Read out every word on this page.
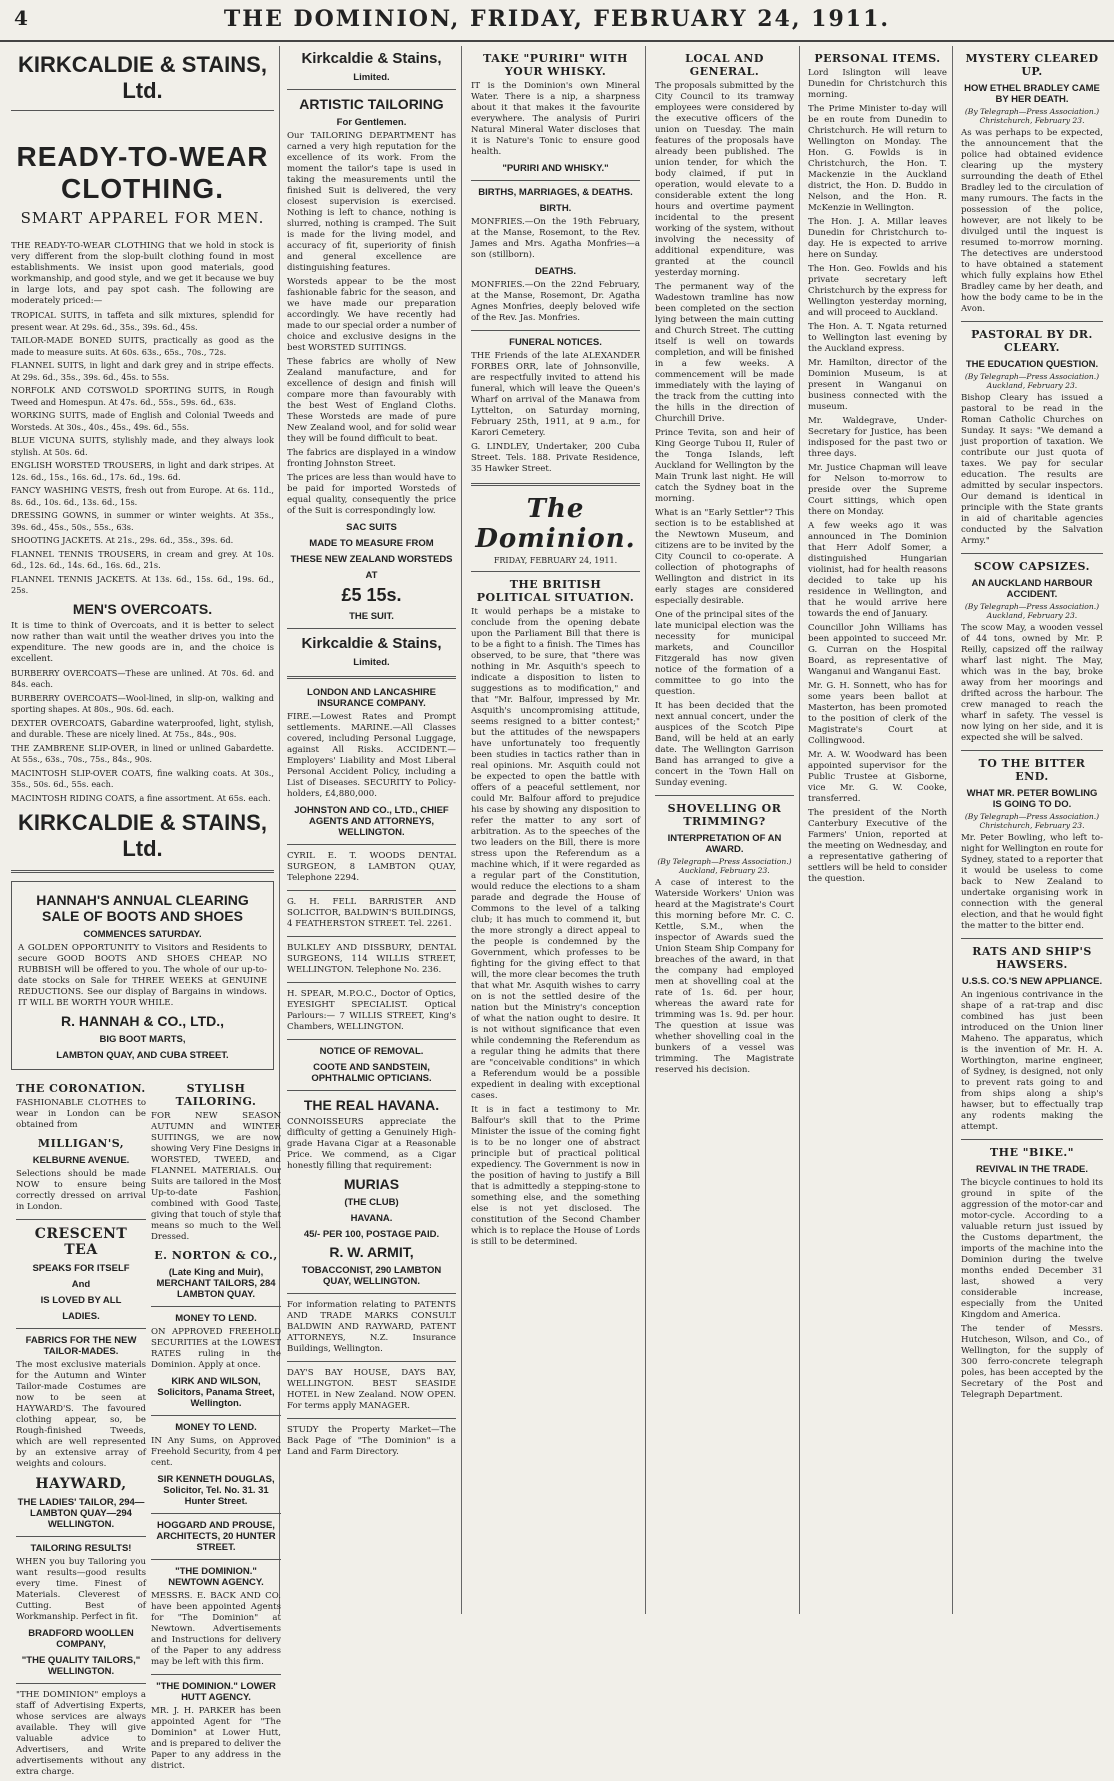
4	THE DOMINION, FRIDAY, FEBRUARY 24, 1911.
KIRKCALDIE & STAINS, Ltd.
READY-TO-WEAR CLOTHING.
SMART APPAREL FOR MEN.

THE READY-TO-WEAR CLOTHING that we hold in stock is very different from the slop-built clothing found in most establishments. We insist upon good materials, good workmanship, and good style, and we get it because we buy in large lots, and pay spot cash. The following are moderately priced:—

TROPICAL SUITS, in taffeta and silk mixtures, splendid for present wear. At 29s. 6d., 35s., 39s. 6d., 45s.

TAILOR-MADE BONED SUITS, practically as good as the made to measure suits. At 60s. 63s., 65s., 70s., 72s.

FLANNEL SUITS, in light and dark grey and in stripe effects. At 29s. 6d., 35s., 39s. 6d., 45s. to 55s.

NORFOLK AND COTSWOLD SPORTING SUITS, in Rough Tweed and Homespun. At 47s. 6d., 55s., 59s. 6d., 63s.

WORKING SUITS, made of English and Colonial Tweeds and Worsteds. At 30s., 40s., 45s., 49s. 6d., 55s.

BLUE VICUNA SUITS, stylishly made, and they always look stylish. At 50s. 6d.

ENGLISH WORSTED TROUSERS, in light and dark stripes. At 12s. 6d., 15s., 16s. 6d., 17s. 6d., 19s. 6d.

FANCY WASHING VESTS, fresh out from Europe. At 6s. 11d., 8s. 6d., 10s. 6d., 13s. 6d., 15s.

DRESSING GOWNS, in summer or winter weights. At 35s., 39s. 6d., 45s., 50s., 55s., 63s.

SHOOTING JACKETS. At 21s., 29s. 6d., 35s., 39s. 6d.

FLANNEL TENNIS TROUSERS, in cream and grey. At 10s. 6d., 12s. 6d., 14s. 6d., 16s. 6d., 21s.

FLANNEL TENNIS JACKETS. At 13s. 6d., 15s. 6d., 19s. 6d., 25s.

MEN'S OVERCOATS.

It is time to think of Overcoats, and it is better to select now rather than wait until the weather drives you into the expenditure. The new goods are in, and the choice is excellent.

BURBERRY OVERCOATS—These are unlined. At 70s. 6d. and 84s. each.

BURBERRY OVERCOATS—Wool-lined, in slip-on, walking and sporting shapes. At 80s., 90s. 6d. each.

DEXTER OVERCOATS, Gabardine waterproofed, light, stylish, and durable. These are nicely lined. At 75s., 84s., 90s.

THE ZAMBRENE SLIP-OVER, in lined or unlined Gabardette. At 55s., 63s., 70s., 75s., 84s., 90s.

MACINTOSH SLIP-OVER COATS, fine walking coats. At 30s., 35s., 50s. 6d., 55s. each.

MACINTOSH RIDING COATS, a fine assortment. At 65s. each.

KIRKCALDIE & STAINS, Ltd.
HANNAH'S ANNUAL CLEARING SALE OF BOOTS AND SHOES
COMMENCES SATURDAY.

A GOLDEN OPPORTUNITY to Visitors and Residents to secure GOOD BOOTS AND SHOES CHEAP. NO RUBBISH will be offered to you. The whole of our up-to-date stocks on Sale for THREE WEEKS at GENUINE REDUCTIONS. See our display of Bargains in windows. IT WILL BE WORTH YOUR WHILE.

R. HANNAH & CO., LTD.,
BIG BOOT MARTS,
LAMBTON QUAY, AND CUBA STREET.
THE CORONATION.

FASHIONABLE CLOTHES to wear in London can be obtained from

MILLIGAN'S,
KELBURNE AVENUE.

Selections should be made NOW to ensure being correctly dressed on arrival in London.

CRESCENT TEA
SPEAKS FOR ITSELF
And
IS LOVED BY ALL
LADIES.
FABRICS FOR THE NEW TAILOR-MADES.

The most exclusive materials for the Autumn and Winter Tailor-made Costumes are now to be seen at HAYWARD'S. The favoured clothing appear, so, be Rough-finished Tweeds, which are well represented by an extensive array of weights and colours.

HAYWARD,
THE LADIES' TAILOR, 294—LAMBTON QUAY—294 WELLINGTON.
TAILORING RESULTS!

WHEN you buy Tailoring you want results—good results every time. Finest of Materials. Cleverest of Cutting. Best of Workmanship. Perfect in fit.

BRADFORD WOOLLEN COMPANY,
"THE QUALITY TAILORS," WELLINGTON.

"THE DOMINION" employs a staff of Advertising Experts, whose services are always available. They will give valuable advice to Advertisers, and Write advertisements without any extra charge.

STYLISH TAILORING.

FOR NEW SEASON AUTUMN and WINTER SUITINGS, we are now showing Very Fine Designs in WORSTED, TWEED, and FLANNEL MATERIALS. Our Suits are tailored in the Most Up-to-date Fashion, combined with Good Taste, giving that touch of style that means so much to the Well Dressed.

E. NORTON & CO.,
(Late King and Muir), MERCHANT TAILORS, 284 LAMBTON QUAY.
MONEY TO LEND.

ON APPROVED FREEHOLD SECURITIES at the LOWEST RATES ruling in the Dominion. Apply at once.

KIRK AND WILSON, Solicitors, Panama Street, Wellington.
MONEY TO LEND.

IN Any Sums, on Approved Freehold Security, from 4 per cent.

SIR KENNETH DOUGLAS, Solicitor, Tel. No. 31. 31 Hunter Street.
HOGGARD AND PROUSE, ARCHITECTS, 20 HUNTER STREET.
"THE DOMINION." NEWTOWN AGENCY.

MESSRS. E. BACK AND CO. have been appointed Agents for "The Dominion" at Newtown. Advertisements and Instructions for delivery of the Paper to any address may be left with this firm.

"THE DOMINION." LOWER HUTT AGENCY.

MR. J. H. PARKER has been appointed Agent for "The Dominion" at Lower Hutt, and is prepared to deliver the Paper to any address in the district.

Kirkcaldie & Stains,
Limited.
ARTISTIC TAILORING
For Gentlemen.

Our TAILORING DEPARTMENT has carned a very high reputation for the excellence of its work. From the moment the tailor's tape is used in taking the measurements until the finished Suit is delivered, the very closest supervision is exercised. Nothing is left to chance, nothing is slurred, nothing is cramped. The Suit is made for the living model, and accuracy of fit, superiority of finish and general excellence are distinguishing features.

Worsteds appear to be the most fashionable fabric for the season, and we have made our preparation accordingly. We have recently had made to our special order a number of choice and exclusive designs in the best WORSTED SUITINGS.

These fabrics are wholly of New Zealand manufacture, and for excellence of design and finish will compare more than favourably with the best West of England Cloths. These Worsteds are made of pure New Zealand wool, and for solid wear they will be found difficult to beat.

The fabrics are displayed in a window fronting Johnston Street.

The prices are less than would have to be paid for imported Worsteds of equal quality, consequently the price of the Suit is correspondingly low.

SAC SUITS
MADE TO MEASURE FROM
THESE NEW ZEALAND WORSTEDS
AT
£5 15s.
THE SUIT.
Kirkcaldie & Stains,
Limited.
LONDON AND LANCASHIRE INSURANCE COMPANY.

FIRE.—Lowest Rates and Prompt settlements. MARINE.—All Classes covered, including Personal Luggage, against All Risks. ACCIDENT.—Employers' Liability and Most Liberal Personal Accident Policy, including a List of Diseases. SECURITY to Policy-holders, £4,880,000.

JOHNSTON AND CO., LTD., CHIEF AGENTS AND ATTORNEYS, WELLINGTON.

CYRIL E. T. WOODS DENTAL SURGEON, 8 LAMBTON QUAY, Telephone 2294.

G. H. FELL BARRISTER AND SOLICITOR, BALDWIN'S BUILDINGS, 4 FEATHERSTON STREET. Tel. 2261.

BULKLEY AND DISSBURY, DENTAL SURGEONS, 114 WILLIS STREET, WELLINGTON. Telephone No. 236.

H. SPEAR, M.P.O.C., Doctor of Optics, EYESIGHT SPECIALIST. Optical Parlours:— 7 WILLIS STREET, King's Chambers, WELLINGTON.

NOTICE OF REMOVAL.
COOTE AND SANDSTEIN, OPHTHALMIC OPTICIANS.
THE REAL HAVANA.

CONNOISSEURS appreciate the difficulty of getting a Genuinely High-grade Havana Cigar at a Reasonable Price. We commend, as a Cigar honestly filling that requirement:

MURIAS
(THE CLUB)
HAVANA.
45/- PER 100, POSTAGE PAID.
R. W. ARMIT,
TOBACCONIST, 290 LAMBTON QUAY, WELLINGTON.

For information relating to PATENTS AND TRADE MARKS CONSULT BALDWIN AND RAYWARD, PATENT ATTORNEYS, N.Z. Insurance Buildings, Wellington.

DAY'S BAY HOUSE, DAYS BAY, WELLINGTON. BEST SEASIDE HOTEL in New Zealand. NOW OPEN. For terms apply MANAGER.

STUDY the Property Market—The Back Page of "The Dominion" is a Land and Farm Directory.

TAKE "PURIRI" WITH YOUR WHISKY.

IT is the Dominion's own Mineral Water. There is a nip, a sharpness about it that makes it the favourite everywhere. The analysis of Puriri Natural Mineral Water discloses that it is Nature's Tonic to ensure good health.

"PURIRI AND WHISKY."
BIRTHS, MARRIAGES, & DEATHS.
BIRTH.

MONFRIES.—On the 19th February, at the Manse, Rosemont, to the Rev. James and Mrs. Agatha Monfries—a son (stillborn).

DEATHS.

MONFRIES.—On the 22nd February, at the Manse, Rosemont, Dr. Agatha Agnes Monfries, deeply beloved wife of the Rev. Jas. Monfries.

FUNERAL NOTICES.

THE Friends of the late ALEXANDER FORBES ORR, late of Johnsonville, are respectfully invited to attend his funeral, which will leave the Queen's Wharf on arrival of the Manawa from Lyttelton, on Saturday morning, February 25th, 1911, at 9 a.m., for Karori Cemetery.

G. LINDLEY, Undertaker, 200 Cuba Street. Tels. 188. Private Residence, 35 Hawker Street.

The Dominion.
FRIDAY, FEBRUARY 24, 1911.
THE BRITISH POLITICAL SITUATION.

It would perhaps be a mistake to conclude from the opening debate upon the Parliament Bill that there is to be a fight to a finish. The Times has observed, to be sure, that "there was nothing in Mr. Asquith's speech to indicate a disposition to listen to suggestions as to modification," and that "Mr. Balfour, impressed by Mr. Asquith's uncompromising attitude, seems resigned to a bitter contest;" but the attitudes of the newspapers have unfortunately too frequently been studies in tactics rather than in real opinions. Mr. Asquith could not be expected to open the battle with offers of a peaceful settlement, nor could Mr. Balfour afford to prejudice his case by showing any disposition to refer the matter to any sort of arbitration. As to the speeches of the two leaders on the Bill, there is more stress upon the Referendum as a machine which, if it were regarded as a regular part of the Constitution, would reduce the elections to a sham parade and degrade the House of Commons to the level of a talking club; it has much to commend it, but the more strongly a direct appeal to the people is condemned by the Government, which professes to be fighting for the giving effect to that will, the more clear becomes the truth that what Mr. Asquith wishes to carry on is not the settled desire of the nation but the Ministry's conception of what the nation ought to desire. It is not without significance that even while condemning the Referendum as a regular thing he admits that there are "conceivable conditions" in which a Referendum would be a possible expedient in dealing with exceptional cases.

It is in fact a testimony to Mr. Balfour's skill that to the Prime Minister the issue of the coming fight is to be no longer one of abstract principle but of practical political expediency. The Government is now in the position of having to justify a Bill that is admittedly a stepping-stone to something else, and the something else is not yet disclosed. The constitution of the Second Chamber which is to replace the House of Lords is still to be determined.

LOCAL AND GENERAL.

The proposals submitted by the City Council to its tramway employees were considered by the executive officers of the union on Tuesday. The main features of the proposals have already been published. The union tender, for which the body claimed, if put in operation, would elevate to a considerable extent the long hours and overtime payment incidental to the present working of the system, without involving the necessity of additional expenditure, was granted at the council yesterday morning.

The permanent way of the Wadestown tramline has now been completed on the section lying between the main cutting and Church Street. The cutting itself is well on towards completion, and will be finished in a few weeks. A commencement will be made immediately with the laying of the track from the cutting into the hills in the direction of Churchill Drive.

Prince Tevita, son and heir of King George Tubou II, Ruler of the Tonga Islands, left Auckland for Wellington by the Main Trunk last night. He will catch the Sydney boat in the morning.

What is an "Early Settler"? This section is to be established at the Newtown Museum, and citizens are to be invited by the City Council to co-operate. A collection of photographs of Wellington and district in its early stages are considered especially desirable.

One of the principal sites of the late municipal election was the necessity for municipal markets, and Councillor Fitzgerald has now given notice of the formation of a committee to go into the question.

It has been decided that the next annual concert, under the auspices of the Scotch Pipe Band, will be held at an early date. The Wellington Garrison Band has arranged to give a concert in the Town Hall on Sunday evening.

SHOVELLING OR TRIMMING?
INTERPRETATION OF AN AWARD.
(By Telegraph—Press Association.) Auckland, February 23.

A case of interest to the Waterside Workers' Union was heard at the Magistrate's Court this morning before Mr. C. C. Kettle, S.M., when the inspector of Awards sued the Union Steam Ship Company for breaches of the award, in that the company had employed men at shovelling coal at the rate of 1s. 6d. per hour, whereas the award rate for trimming was 1s. 9d. per hour. The question at issue was whether shovelling coal in the bunkers of a vessel was trimming. The Magistrate reserved his decision.

PERSONAL ITEMS.

Lord Islington will leave Dunedin for Christchurch this morning.

The Prime Minister to-day will be en route from Dunedin to Christchurch. He will return to Wellington on Monday. The Hon. G. Fowlds is in Christchurch, the Hon. T. Mackenzie in the Auckland district, the Hon. D. Buddo in Nelson, and the Hon. R. McKenzie in Wellington.

The Hon. J. A. Millar leaves Dunedin for Christchurch to-day. He is expected to arrive here on Sunday.

The Hon. Geo. Fowlds and his private secretary left Christchurch by the express for Wellington yesterday morning, and will proceed to Auckland.

The Hon. A. T. Ngata returned to Wellington last evening by the Auckland express.

Mr. Hamilton, director of the Dominion Museum, is at present in Wanganui on business connected with the museum.

Mr. Waldegrave, Under-Secretary for Justice, has been indisposed for the past two or three days.

Mr. Justice Chapman will leave for Nelson to-morrow to preside over the Supreme Court sittings, which open there on Monday.

A few weeks ago it was announced in The Dominion that Herr Adolf Somer, a distinguished Hungarian violinist, had for health reasons decided to take up his residence in Wellington, and that he would arrive here towards the end of January.

Councillor John Williams has been appointed to succeed Mr. G. Curran on the Hospital Board, as representative of Wanganui and Wanganui East.

Mr. G. H. Sonnett, who has for some years been ballot at Masterton, has been promoted to the position of clerk of the Magistrate's Court at Collingwood.

Mr. A. W. Woodward has been appointed supervisor for the Public Trustee at Gisborne, vice Mr. G. W. Cooke, transferred.

The president of the North Canterbury Executive of the Farmers' Union, reported at the meeting on Wednesday, and a representative gathering of settlers will be held to consider the question.

MYSTERY CLEARED UP.
HOW ETHEL BRADLEY CAME BY HER DEATH.
(By Telegraph—Press Association.) Christchurch, February 23.

As was perhaps to be expected, the announcement that the police had obtained evidence clearing up the mystery surrounding the death of Ethel Bradley led to the circulation of many rumours. The facts in the possession of the police, however, are not likely to be divulged until the inquest is resumed to-morrow morning. The detectives are understood to have obtained a statement which fully explains how Ethel Bradley came by her death, and how the body came to be in the Avon.

PASTORAL BY DR. CLEARY.
THE EDUCATION QUESTION.
(By Telegraph—Press Association.) Auckland, February 23.

Bishop Cleary has issued a pastoral to be read in the Roman Catholic Churches on Sunday. It says: "We demand a just proportion of taxation. We contribute our just quota of taxes. We pay for secular education. The results are admitted by secular inspectors. Our demand is identical in principle with the State grants in aid of charitable agencies conducted by the Salvation Army."

SCOW CAPSIZES.
AN AUCKLAND HARBOUR ACCIDENT.
(By Telegraph—Press Association.) Auckland, February 23.

The scow May, a wooden vessel of 44 tons, owned by Mr. P. Reilly, capsized off the railway wharf last night. The May, which was in the bay, broke away from her moorings and drifted across the harbour. The crew managed to reach the wharf in safety. The vessel is now lying on her side, and it is expected she will be salved.

TO THE BITTER END.
WHAT MR. PETER BOWLING IS GOING TO DO.
(By Telegraph—Press Association.) Christchurch, February 23.

Mr. Peter Bowling, who left to-night for Wellington en route for Sydney, stated to a reporter that it would be useless to come back to New Zealand to undertake organising work in connection with the general election, and that he would fight the matter to the bitter end.

RATS AND SHIP'S HAWSERS.
U.S.S. CO.'S NEW APPLIANCE.

An ingenious contrivance in the shape of a rat-trap and disc combined has just been introduced on the Union liner Maheno. The apparatus, which is the invention of Mr. H. A. Worthington, marine engineer, of Sydney, is designed, not only to prevent rats going to and from ships along a ship's hawser, but to effectually trap any rodents making the attempt.

THE "BIKE."
REVIVAL IN THE TRADE.

The bicycle continues to hold its ground in spite of the aggression of the motor-car and motor-cycle. According to a valuable return just issued by the Customs department, the imports of the machine into the Dominion during the twelve months ended December 31 last, showed a very considerable increase, especially from the United Kingdom and America.

The tender of Messrs. Hutcheson, Wilson, and Co., of Wellington, for the supply of 300 ferro-concrete telegraph poles, has been accepted by the Secretary of the Post and Telegraph Department.
